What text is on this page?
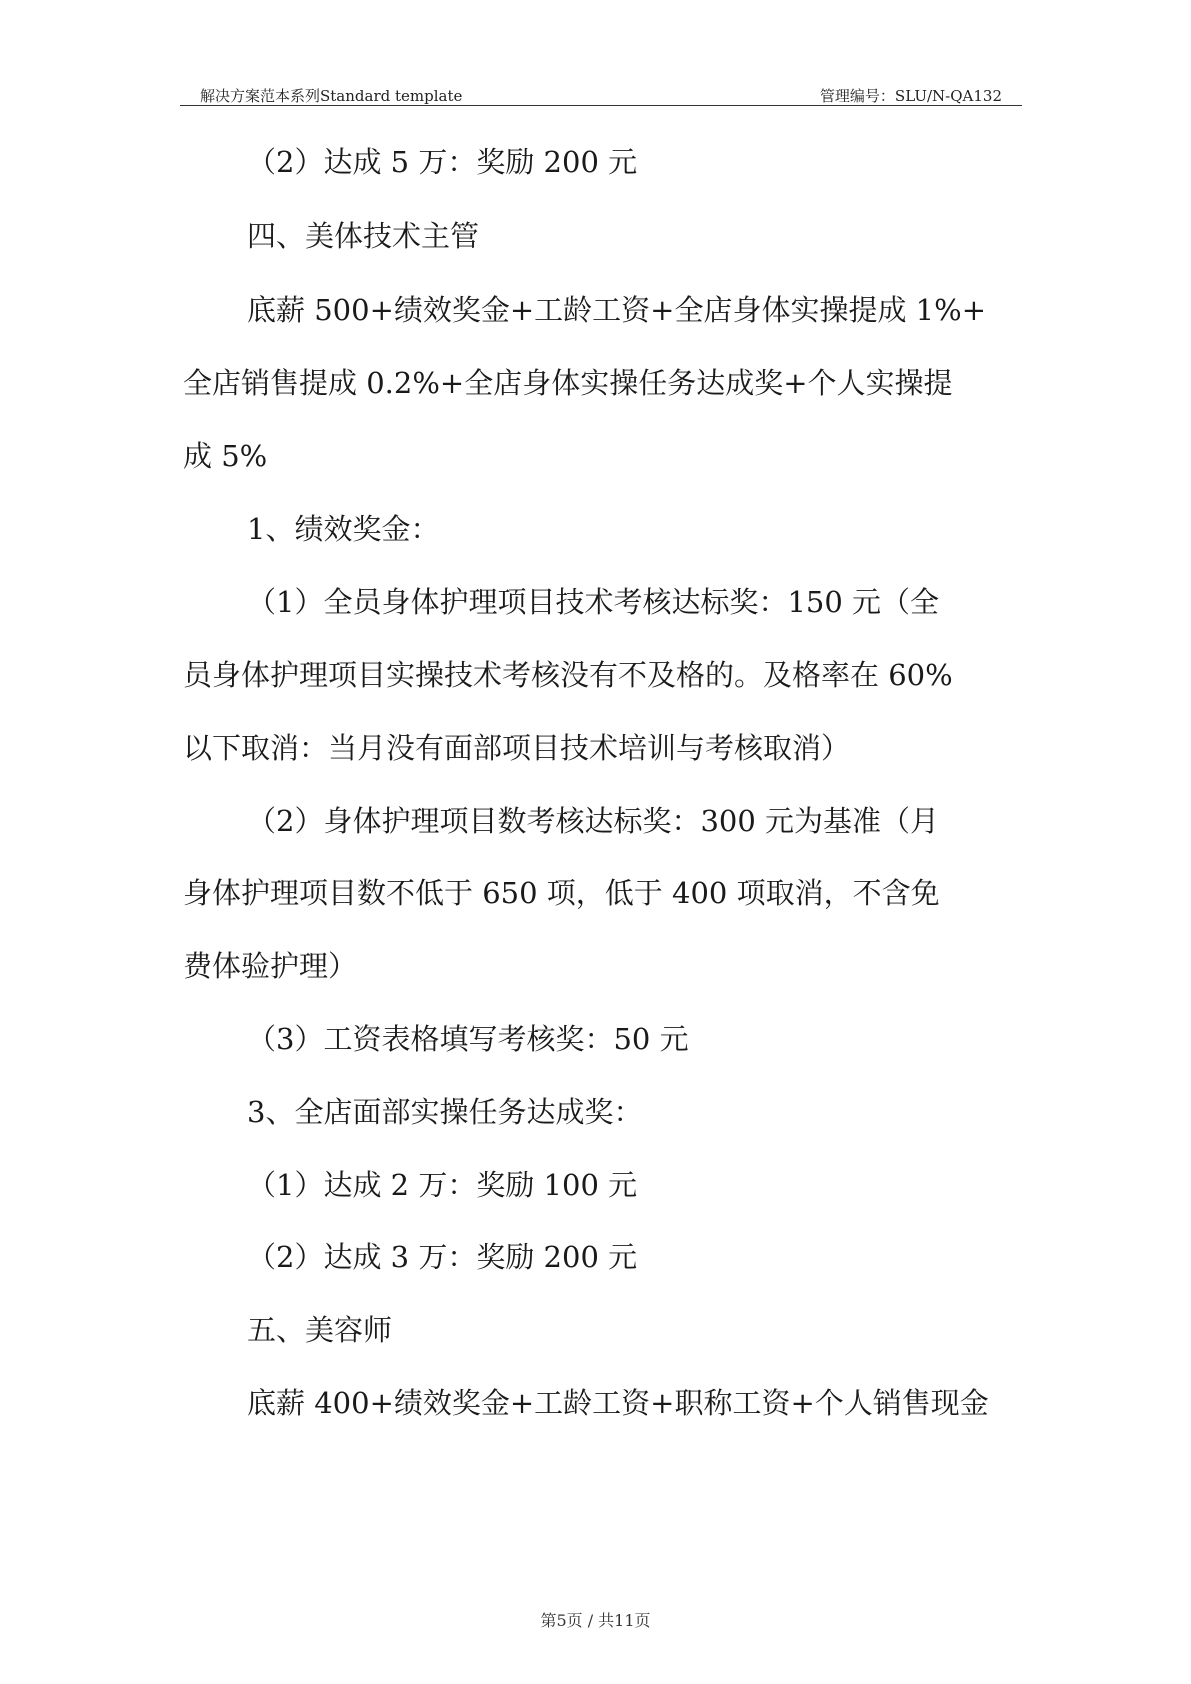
解决方案范本系列Standard template	管理编号：SLU/N-QA132
（2）达成 5 万：奖励 200 元
四、美体技术主管
底薪 500+绩效奖金+工龄工资+全店身体实操提成 1%+
全店销售提成 0.2%+全店身体实操任务达成奖+个人实操提
成 5%
1、绩效奖金：
（1）全员身体护理项目技术考核达标奖：150 元（全
员身体护理项目实操技术考核没有不及格的。及格率在 60%
以下取消：当月没有面部项目技术培训与考核取消）
（2）身体护理项目数考核达标奖：300 元为基准（月
身体护理项目数不低于 650 项，低于 400 项取消，不含免
费体验护理）
（3）工资表格填写考核奖：50 元
3、全店面部实操任务达成奖：
（1）达成 2 万：奖励 100 元
（2）达成 3 万：奖励 200 元
五、美容师
底薪 400+绩效奖金+工龄工资+职称工资+个人销售现金
第5页 / 共11页
